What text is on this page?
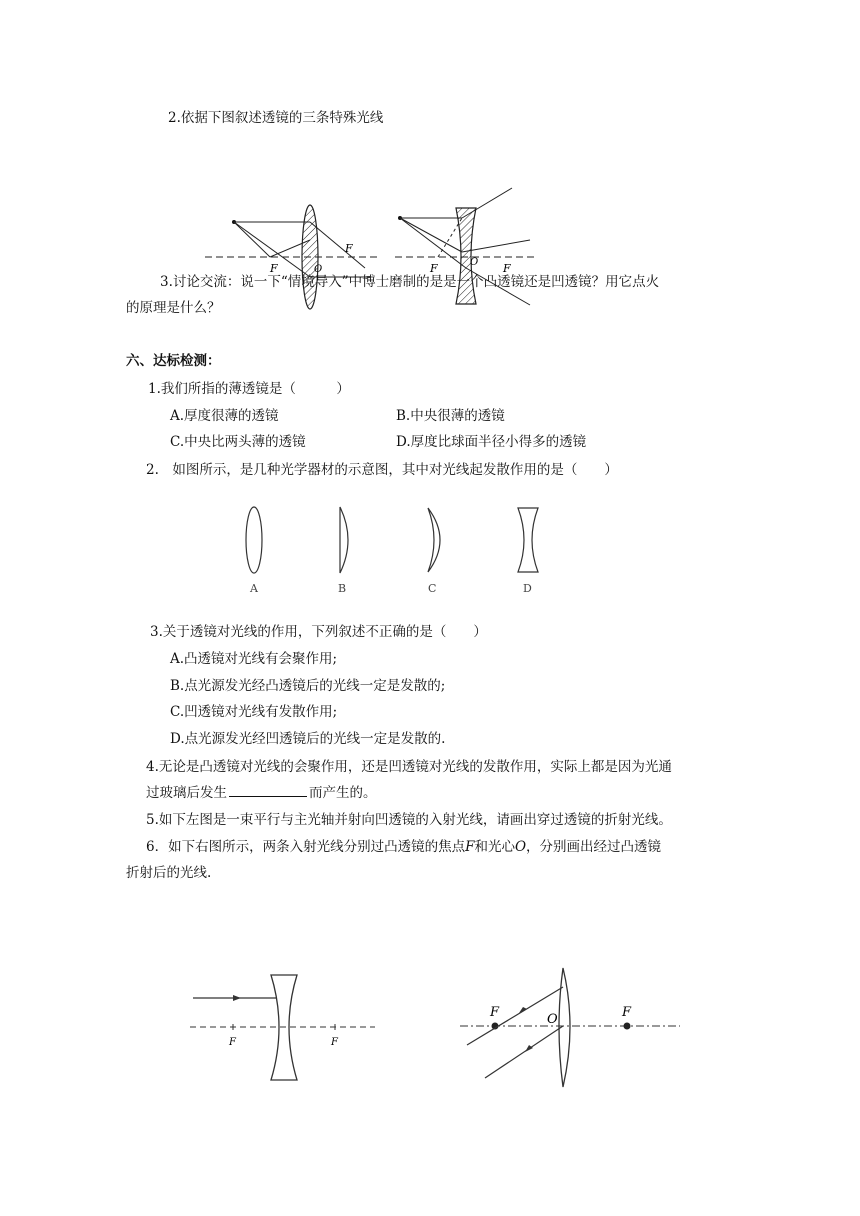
2.依据下图叙述透镜的三条特殊光线
F
F	O	F	O F
3.讨论交流：说一下“情境导入”中博士磨制的是是一个凸透镜还是凹透镜？用它点火
的原理是什么？
六、达标检测：
1.我们所指的薄透镜是（　　　）
A.厚度很薄的透镜	B.中央很薄的透镜
C.中央比两头薄的透镜	D.厚度比球面半径小得多的透镜
2.　如图所示，是几种光学器材的示意图，其中对光线起发散作用的是（　　）
A	B	C	D
3.关于透镜对光线的作用，下列叙述不正确的是（　　）
A.凸透镜对光线有会聚作用;
B.点光源发光经凸透镜后的光线一定是发散的;
C.凹透镜对光线有发散作用;
D.点光源发光经凹透镜后的光线一定是发散的.
4.无论是凸透镜对光线的会聚作用，还是凹透镜对光线的发散作用，实际上都是因为光通
过玻璃后发生	而产生的。
5.如下左图是一束平行与主光轴并射向凹透镜的入射光线，请画出穿过透镜的折射光线。
6．如下右图所示，两条入射光线分别过凸透镜的焦点F和光心O，分别画出经过凸透镜
折射后的光线.
F	F
F	O	F
